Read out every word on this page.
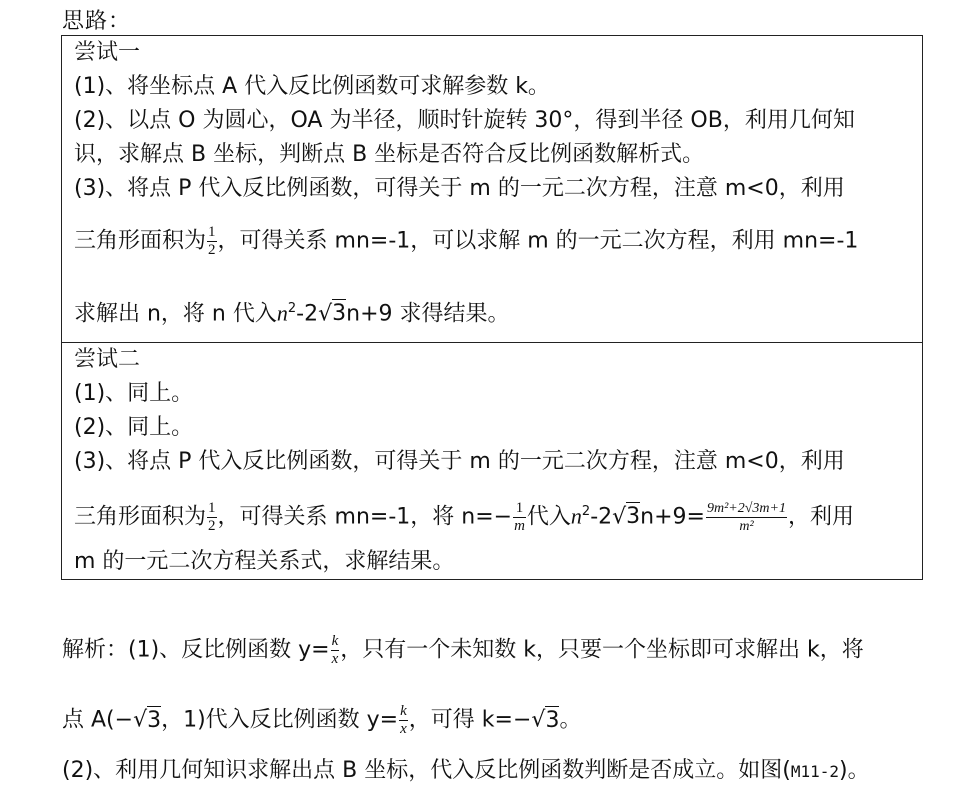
思路：
尝试一
(1)、将坐标点 A 代入反比例函数可求解参数 k。
(2)、以点 O 为圆心，OA 为半径，顺时针旋转 30°，得到半径 OB，利用几何知
识，求解点 B 坐标，判断点 B 坐标是否符合反比例函数解析式。
(3)、将点 P 代入反比例函数，可得关于 m 的一元二次方程，注意 m<0，利用
三角形面积为 $\frac{1}{2}$ ，可得关系 mn=-1，可以求解 m 的一元二次方程，利用 mn=-1
求解出 n，将 n 代入$n^2-2√3n+9$ 求得结果。
尝试二
(1)、同上。
(2)、同上。
(3)、将点 P 代入反比例函数，可得关于 m 的一元二次方程，注意 m<0，利用
三角形面积为 $\frac{1}{2}$ ，可得关系 mn=-1，将 $n=- \frac{1}{m}$ 代入$n^2-2√3n+9= \frac{\text{9m²+2√3m+1}}{\text{m²}}$ ，利用
m 的一元二次方程关系式，求解结果。
解析：(1)、反比例函数 $y= \frac{k}{x}$ ，只有一个未知数 k，只要一个坐标即可求解出 k，将
点 A(−√3，1)代入反比例函数 $y= \frac{k}{x}$ ，可得 k=−√3。
(2)、利用几何知识求解出点 B 坐标，代入反比例函数判断是否成立。如图(M11-2)。
